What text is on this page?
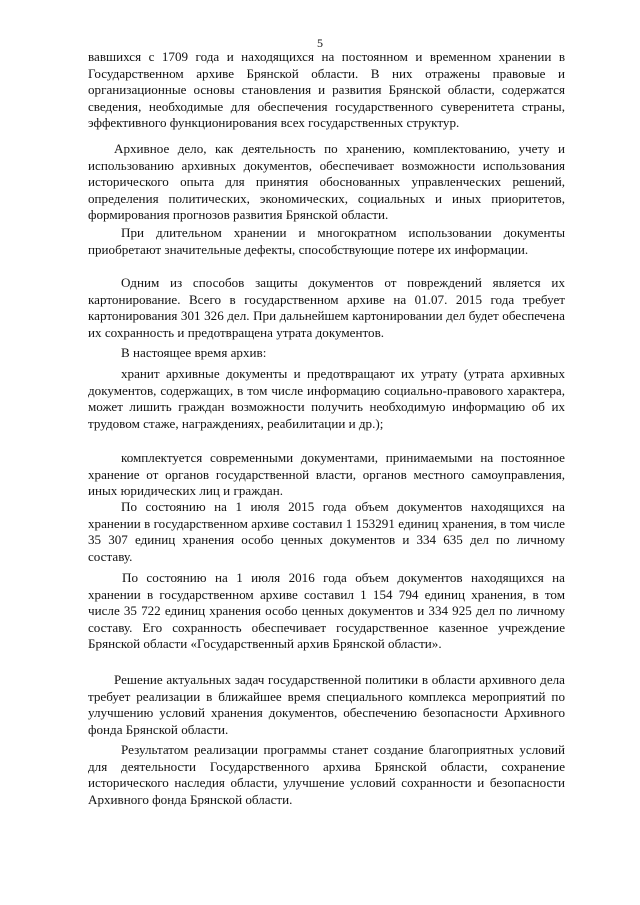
5

вавшихся с 1709 года и находящихся на постоянном и временном хранении в Государственном архиве Брянской области. В них отражены правовые и организационные основы становления и развития Брянской области, содержатся сведения, необходимые для обеспечения государственного суверенитета страны, эффективного функционирования всех государственных структур.

Архивное дело, как деятельность по хранению, комплектованию, учету и использованию архивных документов, обеспечивает возможности использования исторического опыта для принятия обоснованных управленческих решений, определения политических, экономических, социальных и иных приоритетов, формирования прогнозов развития Брянской области.

При длительном хранении и многократном использовании документы приобретают значительные дефекты, способствующие потере их информации.

Одним из способов защиты документов от повреждений является их картонирование. Всего в государственном архиве на 01.07. 2015 года требует картонирования 301 326 дел. При дальнейшем картонировании дел будет обеспечена их сохранность и предотвращена утрата документов.

В настоящее время архив:

хранит архивные документы и предотвращают их утрату (утрата архивных документов, содержащих, в том числе информацию социально-правового характера, может лишить граждан возможности получить необходимую информацию об их трудовом стаже, награждениях, реабилитации и др.);

комплектуется современными документами, принимаемыми на постоянное хранение от органов государственной власти, органов местного самоуправления, иных юридических лиц и граждан.

По состоянию на 1 июля 2015 года объем документов находящихся на хранении в государственном архиве составил 1 153291 единиц хранения, в том числе 35 307 единиц хранения особо ценных документов и 334 635 дел по личному составу.

По состоянию на 1 июля 2016 года объем документов находящихся на хранении в государственном архиве составил 1 154 794 единиц хранения, в том числе 35 722 единиц хранения особо ценных документов и 334 925 дел по личному составу. Его сохранность обеспечивает государственное казенное учреждение Брянской области «Государственный архив Брянской области».

Решение актуальных задач государственной политики в области архивного дела требует реализации в ближайшее время специального комплекса мероприятий по улучшению условий хранения документов, обеспечению безопасности Архивного фонда Брянской области.

Результатом реализации программы станет создание благоприятных условий для деятельности Государственного архива Брянской области, сохранение исторического наследия области, улучшение условий сохранности и безопасности Архивного фонда Брянской области.
